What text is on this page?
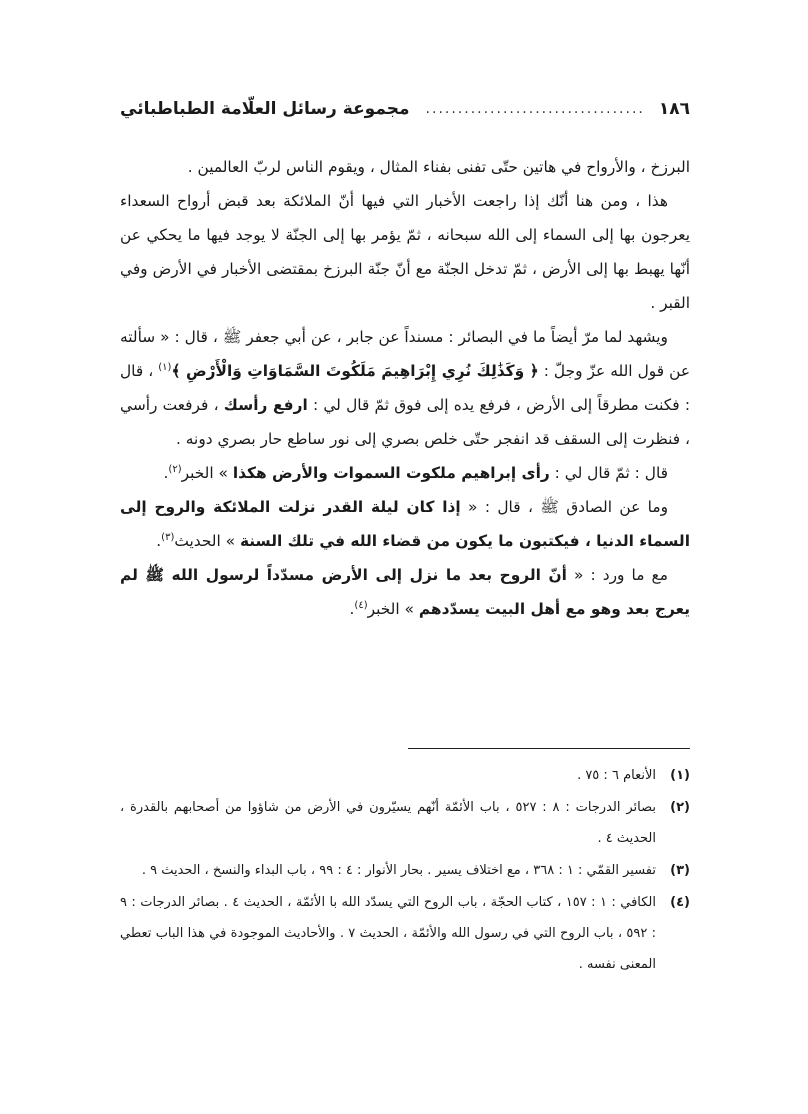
١٨٦
..................................
مجموعة رسائل العلّامة الطباطبائي

البرزخ ، والأرواح في هاتين حتّى تفنى بفناء المثال ، ويقوم الناس لربّ العالمين .

هذا ، ومن هنا أنّك إذا راجعت الأخبار التي فيها أنّ الملائكة بعد قبض أرواح السعداء يعرجون بها إلى السماء إلى الله سبحانه ، ثمّ يؤمر بها إلى الجنّة لا يوجد فيها ما يحكي عن أنّها يهبط بها إلى الأرض ، ثمّ تدخل الجنّة مع أنّ جنّة البرزخ بمقتضى الأخبار في الأرض وفي القبر .

ويشهد لما مرّ أيضاً ما في البصائر : مسنداً عن جابر ، عن أبي جعفر ﷺ ، قال : « سألته عن قول الله عزّ وجلّ : ﴿ وَكَذَٰلِكَ نُرِي إِبْرَاهِيمَ مَلَكُوتَ السَّمَاوَاتِ وَالْأَرْضِ ﴾$^{(١)}$ ، قال : فكنت مطرقاً إلى الأرض ، فرفع يده إلى فوق ثمّ قال لي : ارفع رأسك ، فرفعت رأسي ، فنظرت إلى السقف قد انفجر حتّى خلص بصري إلى نور ساطع حار بصري دونه .

قال : ثمّ قال لي : رأى إبراهيم ملكوت السموات والأرض هكذا » الخبر$^{(٢)}$.

وما عن الصادق ﷺ ، قال : « إذا كان ليلة القدر نزلت الملائكة والروح إلى السماء الدنيا ، فيكتبون ما يكون من قضاء الله في تلك السنة » الحديث$^{(٣)}$.

مع ما ورد : « أنّ الروح بعد ما نزل إلى الأرض مسدّداً لرسول الله ﷺ لم يعرج بعد وهو مع أهل البيت يسدّدهم » الخبر$^{(٤)}$.

(١)
الأنعام ٦ : ٧٥ .
(٢)
بصائر الدرجات : ٨ : ٥٢٧ ، باب الأئمّة أنّهم يسيّرون في الأرض من شاؤوا من أصحابهم بالقدرة ، الحديث ٤ .
(٣)
تفسير القمّي : ١ : ٣٦٨ ، مع اختلاف يسير . بحار الأنوار : ٤ : ٩٩ ، باب البداء والنسخ ، الحديث ٩ .
(٤)
الكافي : ١ : ١٥٧ ، كتاب الحجّة ، باب الروح التي يسدّد الله با الأئمّة ، الحديث ٤ . بصائر الدرجات : ٩ : ٥٩٢ ، باب الروح التي في رسول الله والأئمّة ، الحديث ٧ . والأحاديث الموجودة في هذا الباب تعطي المعنى نفسه .
